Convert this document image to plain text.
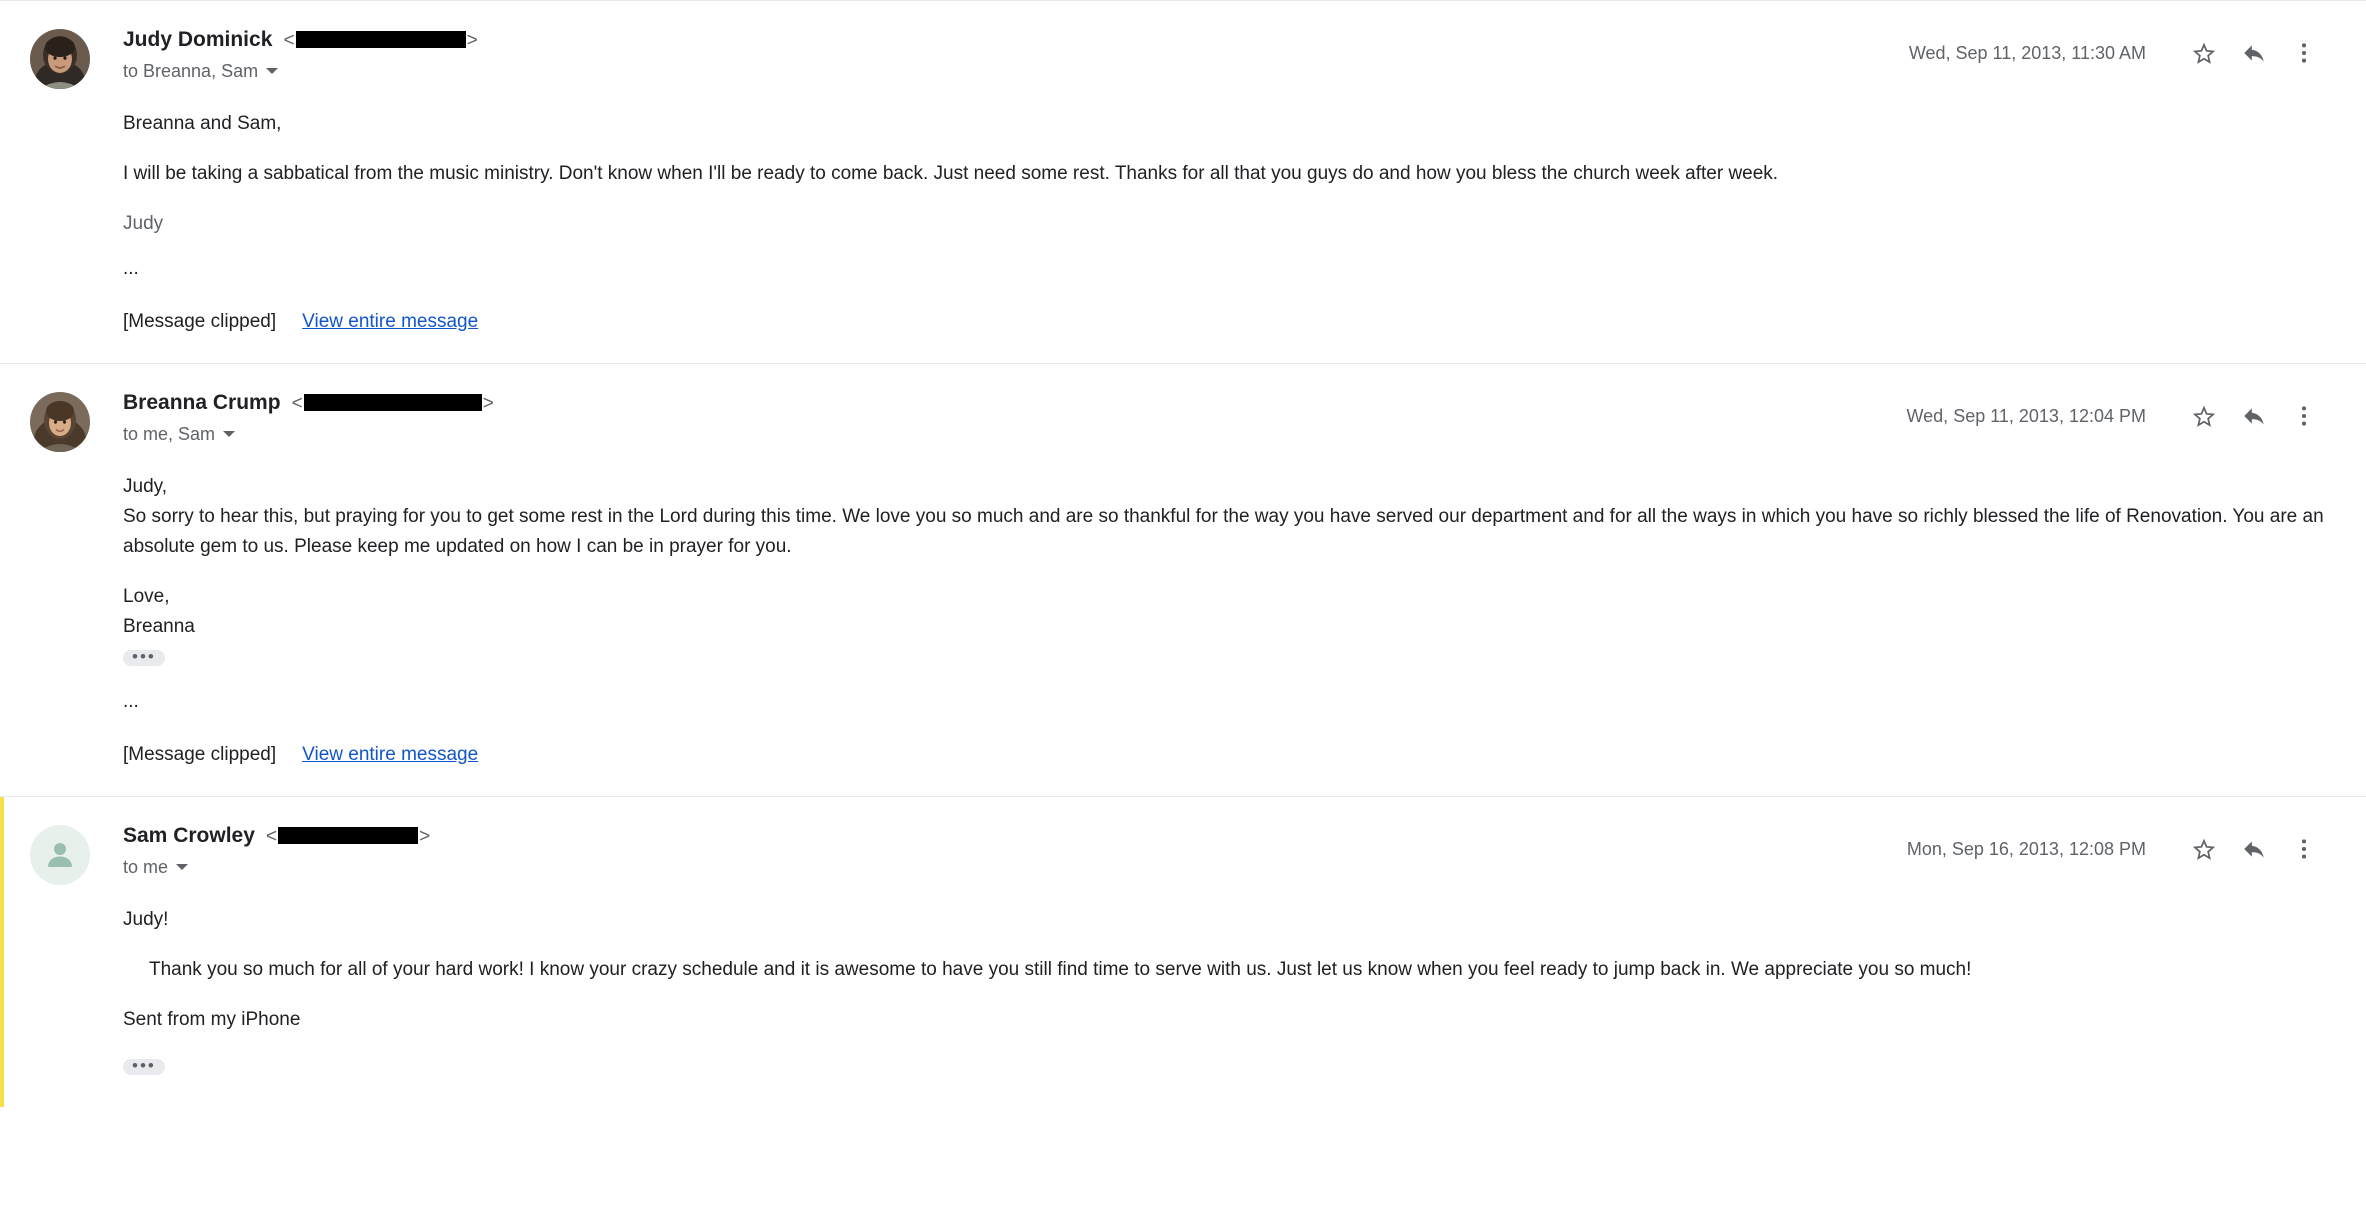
Judy Dominick  <	>
to Breanna, Sam
Wed, Sep 11, 2013, 11:30 AM

Breanna and Sam,

I will be taking a sabbatical from the music ministry. Don't know when I'll be ready to come back. Just need some rest. Thanks for all that you guys do and how you bless the church week after week.

Judy

...

[Message clipped] View entire message
Breanna Crump  <	>
to me, Sam
Wed, Sep 11, 2013, 12:04 PM

Judy,

So sorry to hear this, but praying for you to get some rest in the Lord during this time. We love you so much and are so thankful for the way you have served our department and for all the ways in which you have so richly blessed the life of Renovation. You are an absolute gem to us. Please keep me updated on how I can be in prayer for you.

Love,

Breanna

•••

...

[Message clipped] View entire message
Sam Crowley  <	>
to me
Mon, Sep 16, 2013, 12:08 PM

Judy!

Thank you so much for all of your hard work! I know your crazy schedule and it is awesome to have you still find time to serve with us. Just let us know when you feel ready to jump back in. We appreciate you so much!

Sent from my iPhone

•••
